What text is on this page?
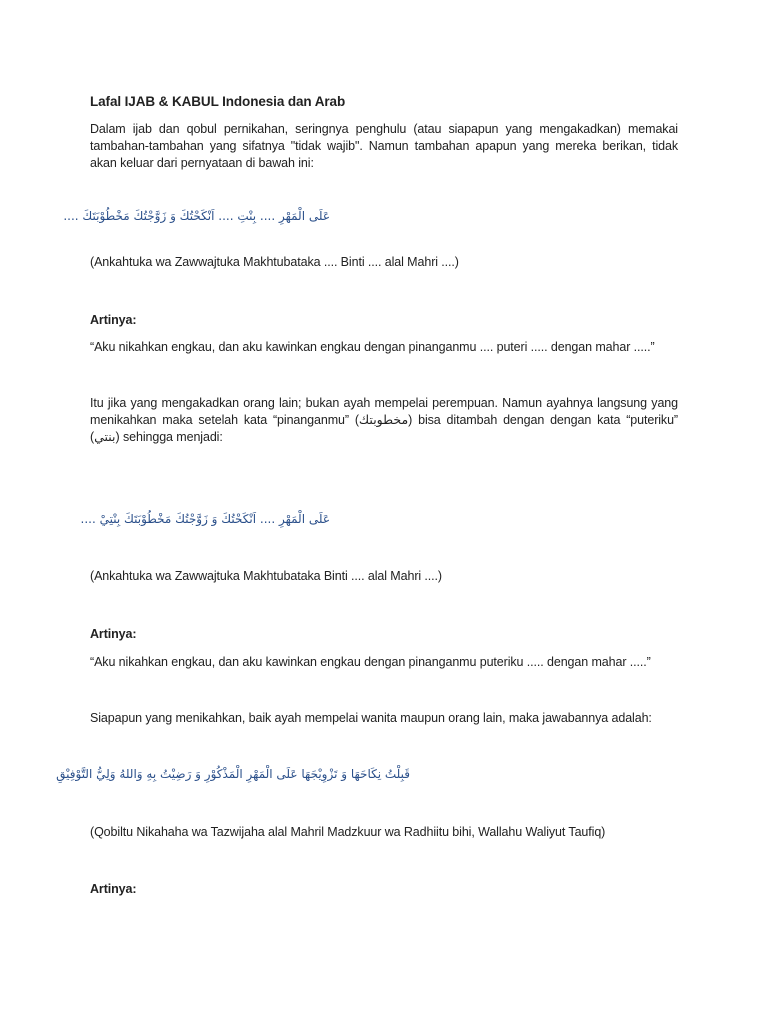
Lafal IJAB & KABUL Indonesia dan Arab

Dalam ijab dan qobul pernikahan, seringnya penghulu (atau siapapun yang mengakadkan) memakai tambahan-tambahan yang sifatnya "tidak wajib". Namun tambahan apapun yang mereka berikan, tidak akan keluar dari pernyataan di bawah ini:

عَلَى الْمَهْرِ .... بِنْتِ .... اَنْكَحْتُكَ وَ زَوَّجْتُكَ مَخْطُوْبَتَكَ ....

(Ankahtuka wa Zawwajtuka Makhtubataka .... Binti .... alal Mahri ....)

Artinya:

“Aku nikahkan engkau, dan aku kawinkan engkau dengan pinanganmu .... puteri ..... dengan mahar .....”

Itu jika yang mengakadkan orang lain; bukan ayah mempelai perempuan. Namun ayahnya langsung yang menikahkan maka setelah kata “pinanganmu” (مخطوبتك) bisa ditambah dengan dengan kata “puteriku” (بنتي) sehingga menjadi:

عَلَى الْمَهْرِ .... اَنْكَحْتُكَ وَ زَوَّجْتُكَ مَخْطُوْبَتَكَ بِنْتِيْ ....

(Ankahtuka wa Zawwajtuka Makhtubataka Binti .... alal Mahri ....)

Artinya:

“Aku nikahkan engkau, dan aku kawinkan engkau dengan pinanganmu puteriku ..... dengan mahar .....”

Siapapun yang menikahkan, baik ayah mempelai wanita maupun orang lain, maka jawabannya adalah:

قَبِلْتُ نِكَاحَهَا وَ تَزْوِيْجَهَا عَلَى الْمَهْرِ الْمَذْكُوْرِ وَ رَضِيْتُ بِهِ وَاللهُ وَلِيُّ التَّوْفِيْقِ

(Qobiltu Nikahaha wa Tazwijaha alal Mahril Madzkuur wa Radhiitu bihi, Wallahu Waliyut Taufiq)

Artinya:
